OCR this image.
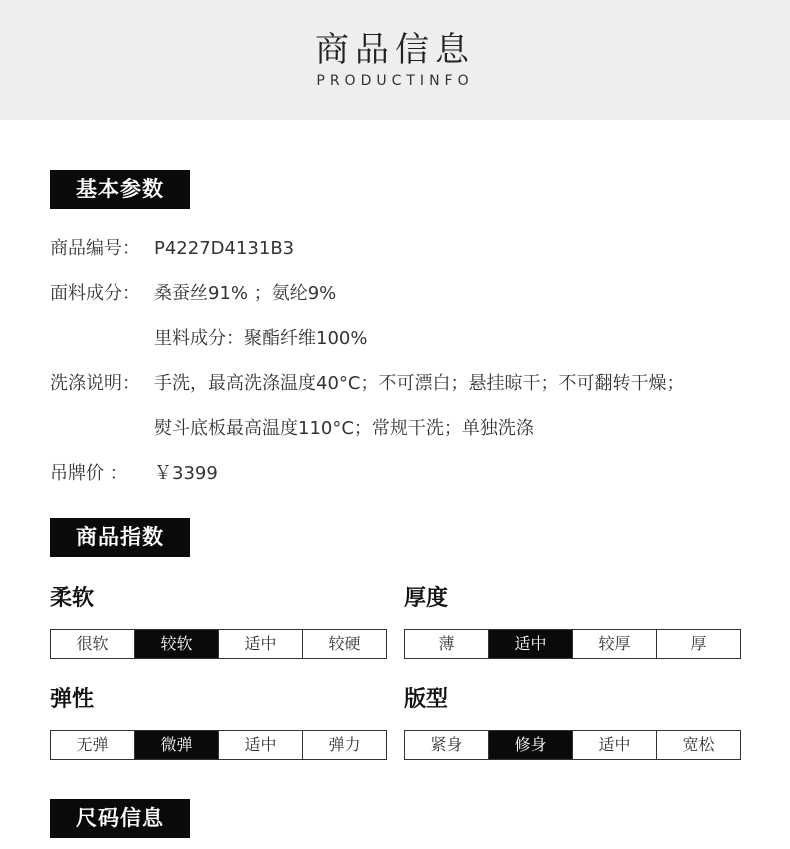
商品信息
PRODUCTINFO
基本参数
商品编号： P4227D4131B3
面料成分： 桑蚕丝91% ；氨纶9%
里料成分：聚酯纤维100%
洗涤说明： 手洗，最高洗涤温度40°C；不可漂白；悬挂晾干；不可翻转干燥；
熨斗底板最高温度110°C；常规干洗；单独洗涤
吊牌价 ： ￥3399
商品指数
柔软
很软	较软	适中	较硬
厚度
薄	适中	较厚	厚
弹性
无弹	微弹	适中	弹力
版型
紧身	修身	适中	宽松
尺码信息
